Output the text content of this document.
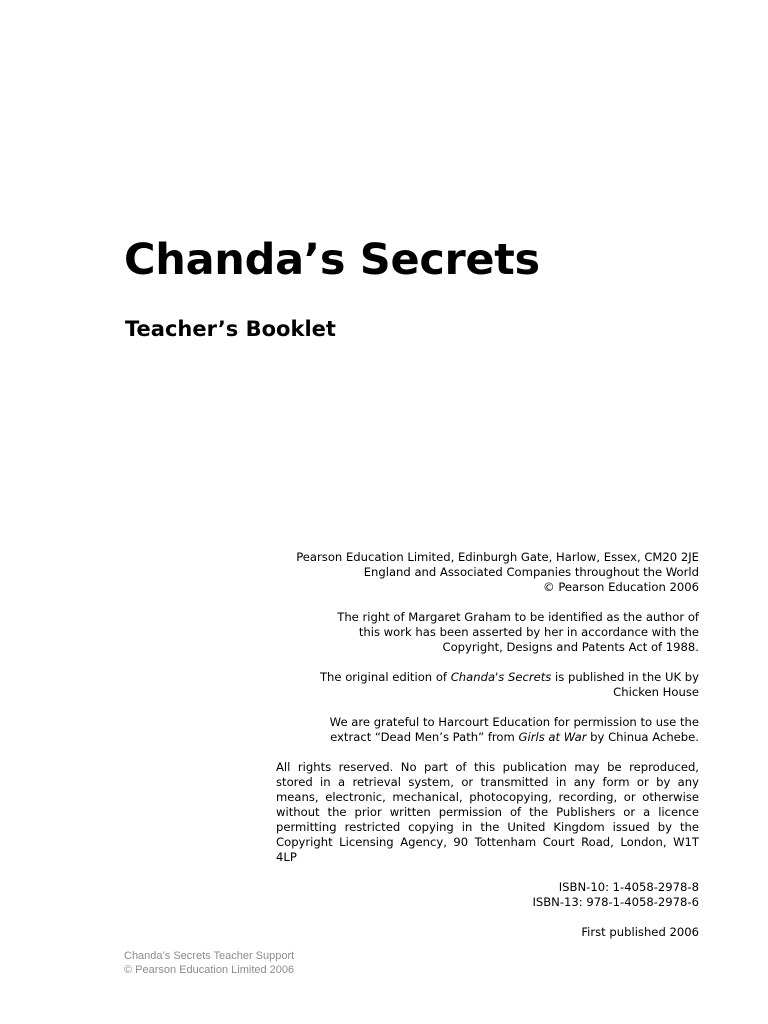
Chanda’s Secrets
Teacher’s Booklet
Pearson Education Limited, Edinburgh Gate, Harlow, Essex, CM20 2JE
England and Associated Companies throughout the World
© Pearson Education 2006
The right of Margaret Graham to be identified as the author of
this work has been asserted by her in accordance with the
Copyright, Designs and Patents Act of 1988.
The original edition of Chanda's Secrets is published in the UK by
Chicken House
We are grateful to Harcourt Education for permission to use the
extract “Dead Men’s Path” from Girls at War by Chinua Achebe.

All rights reserved. No part of this publication may be reproduced, stored in a retrieval system, or transmitted in any form or by any means, electronic, mechanical, photocopying, recording, or otherwise without the prior written permission of the Publishers or a licence permitting restricted copying in the United Kingdom issued by the Copyright Licensing Agency, 90 Tottenham Court Road, London, W1T 4LP

ISBN-10: 1-4058-2978-8
ISBN-13: 978-1-4058-2978-6
First published 2006
Chanda’s Secrets Teacher Support
© Pearson Education Limited 2006
